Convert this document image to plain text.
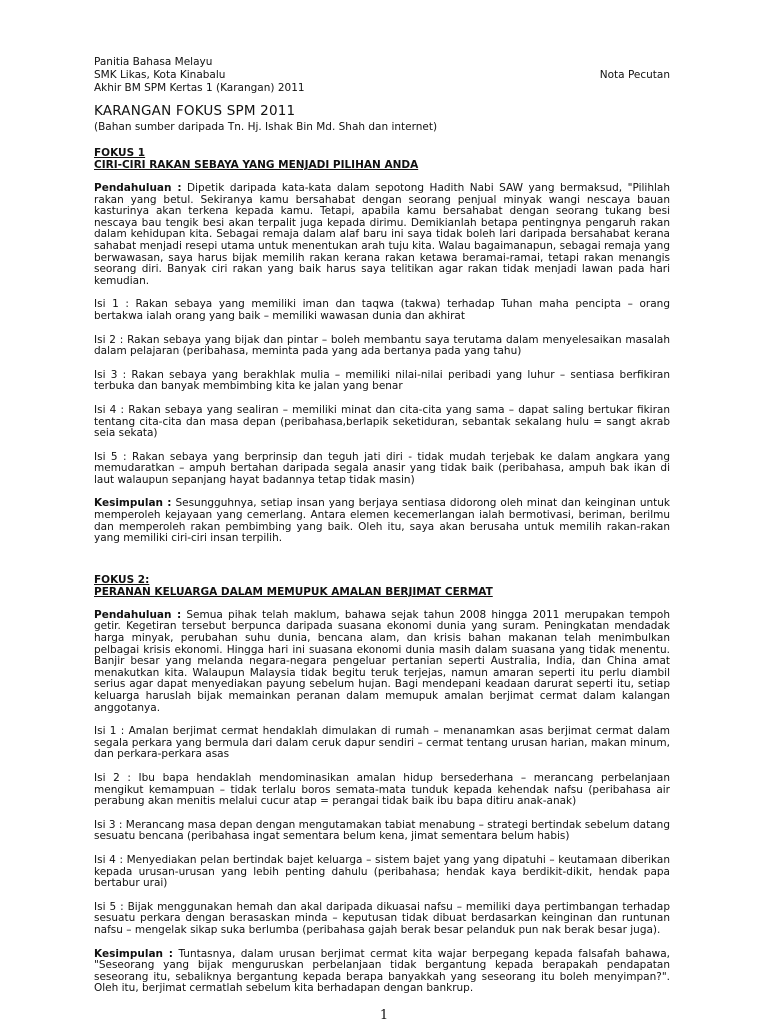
Panitia Bahasa Melayu
SMK Likas, Kota Kinabalu	Nota Pecutan
Akhir BM SPM Kertas 1 (Karangan) 2011
KARANGAN FOKUS SPM 2011
(Bahan sumber daripada Tn. Hj. Ishak Bin Md. Shah dan internet)
FOKUS 1
CIRI-CIRI RAKAN SEBAYA YANG MENJADI PILIHAN ANDA

Pendahuluan : Dipetik daripada kata-kata dalam sepotong Hadith Nabi SAW yang bermaksud, "Pilihlah rakan yang betul. Sekiranya kamu bersahabat dengan seorang penjual minyak wangi nescaya bauan kasturinya akan terkena kepada kamu. Tetapi, apabila kamu bersahabat dengan seorang tukang besi nescaya bau tengik besi akan terpalit juga kepada dirimu. Demikianlah betapa pentingnya pengaruh rakan dalam kehidupan kita. Sebagai remaja dalam alaf baru ini saya tidak boleh lari daripada bersahabat kerana sahabat menjadi resepi utama untuk menentukan arah tuju kita. Walau bagaimanapun, sebagai remaja yang berwawasan, saya harus bijak memilih rakan kerana rakan ketawa beramai-ramai, tetapi rakan menangis seorang diri. Banyak ciri rakan yang baik harus saya telitikan agar rakan tidak menjadi lawan pada hari kemudian.

Isi 1 : Rakan sebaya yang memiliki iman dan taqwa (takwa) terhadap Tuhan maha pencipta – orang bertakwa ialah orang yang baik – memiliki wawasan dunia dan akhirat

Isi 2 : Rakan sebaya yang bijak dan pintar – boleh membantu saya terutama dalam menyelesaikan masalah dalam pelajaran (peribahasa, meminta pada yang ada bertanya pada yang tahu)

Isi 3 : Rakan sebaya yang berakhlak mulia – memiliki nilai-nilai peribadi yang luhur – sentiasa berfikiran terbuka dan banyak membimbing kita ke jalan yang benar

Isi 4 : Rakan sebaya yang sealiran – memiliki minat dan cita-cita yang sama – dapat saling bertukar fikiran tentang cita-cita dan masa depan (peribahasa,berlapik seketiduran, sebantak sekalang hulu = sangt akrab seia sekata)

Isi 5 : Rakan sebaya yang berprinsip dan teguh jati diri - tidak mudah terjebak ke dalam angkara yang memudaratkan – ampuh bertahan daripada segala anasir yang tidak baik (peribahasa, ampuh bak ikan di laut walaupun sepanjang hayat badannya tetap tidak masin)

Kesimpulan : Sesungguhnya, setiap insan yang berjaya sentiasa didorong oleh minat dan keinginan untuk memperoleh kejayaan yang cemerlang. Antara elemen kecemerlangan ialah bermotivasi, beriman, berilmu dan memperoleh rakan pembimbing yang baik. Oleh itu, saya akan berusaha untuk memilih rakan-rakan yang memiliki ciri-ciri insan terpilih.

FOKUS 2:
PERANAN KELUARGA DALAM MEMUPUK AMALAN BERJIMAT CERMAT

Pendahuluan : Semua pihak telah maklum, bahawa sejak tahun 2008 hingga 2011 merupakan tempoh getir. Kegetiran tersebut berpunca daripada suasana ekonomi dunia yang suram. Peningkatan mendadak harga minyak, perubahan suhu dunia, bencana alam, dan krisis bahan makanan telah menimbulkan pelbagai krisis ekonomi. Hingga hari ini suasana ekonomi dunia masih dalam suasana yang tidak menentu. Banjir besar yang melanda negara-negara pengeluar pertanian seperti Australia, India, dan China amat menakutkan kita. Walaupun Malaysia tidak begitu teruk terjejas, namun amaran seperti itu perlu diambil serius agar dapat menyediakan payung sebelum hujan. Bagi mendepani keadaan darurat seperti itu, setiap keluarga haruslah bijak memainkan peranan dalam memupuk amalan berjimat cermat dalam kalangan anggotanya.

Isi 1 : Amalan berjimat cermat hendaklah dimulakan di rumah – menanamkan asas berjimat cermat dalam segala perkara yang bermula dari dalam ceruk dapur sendiri – cermat tentang urusan harian, makan minum, dan perkara-perkara asas

Isi 2 : Ibu bapa hendaklah mendominasikan amalan hidup bersederhana – merancang perbelanjaan mengikut kemampuan – tidak terlalu boros semata-mata tunduk kepada kehendak nafsu (peribahasa air perabung akan menitis melalui cucur atap = perangai tidak baik ibu bapa ditiru anak-anak)

Isi 3 : Merancang masa depan dengan mengutamakan tabiat menabung – strategi bertindak sebelum datang sesuatu bencana (peribahasa ingat sementara belum kena, jimat sementara belum habis)

Isi 4 : Menyediakan pelan bertindak bajet keluarga – sistem bajet yang yang dipatuhi – keutamaan diberikan kepada urusan-urusan yang lebih penting dahulu (peribahasa; hendak kaya berdikit-dikit, hendak papa bertabur urai)

Isi 5 : Bijak menggunakan hemah dan akal daripada dikuasai nafsu – memiliki daya pertimbangan terhadap sesuatu perkara dengan berasaskan minda – keputusan tidak dibuat berdasarkan keinginan dan runtunan nafsu – mengelak sikap suka berlumba (peribahasa gajah berak besar pelanduk pun nak berak besar juga).

Kesimpulan : Tuntasnya, dalam urusan berjimat cermat kita wajar berpegang kepada falsafah bahawa, "Seseorang yang bijak menguruskan perbelanjaan tidak bergantung kepada berapakah pendapatan seseorang itu, sebaliknya bergantung kepada berapa banyakkah yang seseorang itu boleh menyimpan?". Oleh itu, berjimat cermatlah sebelum kita berhadapan dengan bankrup.

1
